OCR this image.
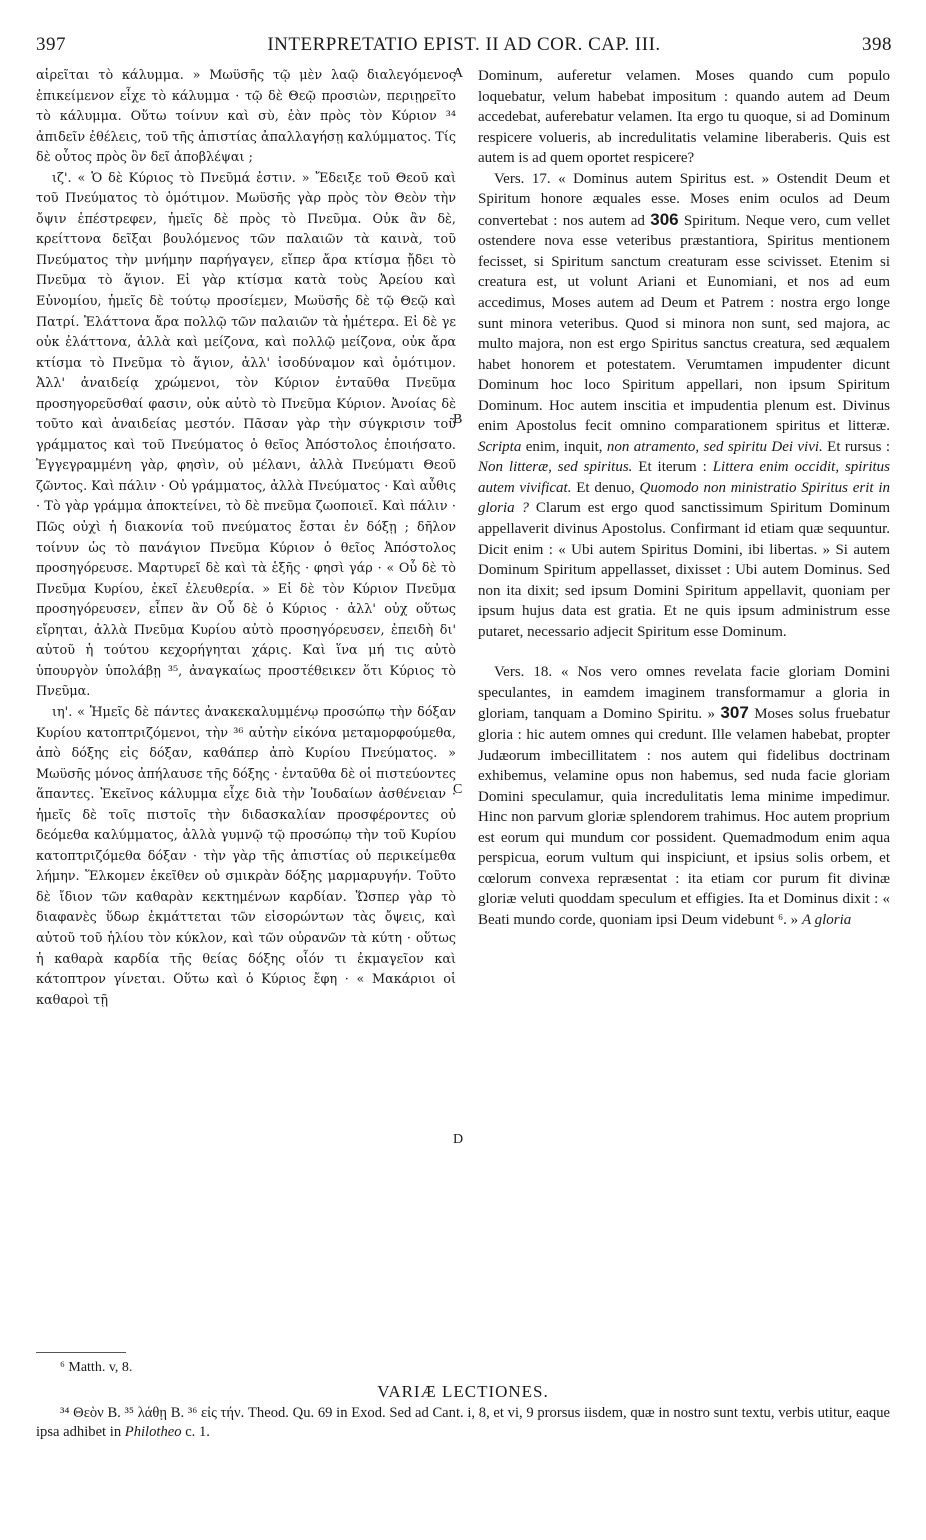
397	INTERPRETATIO EPIST. II AD COR. CAP. III.	398

αἱρεῖται τὸ κάλυμμα. » Μωϋσῆς τῷ μὲν λαῷ διαλεγόμενος ἐπικείμενον εἶχε τὸ κάλυμμα · τῷ δὲ Θεῷ προσιὼν, περιῃρεῖτο τὸ κάλυμμα. Οὕτω τοίνυν καὶ σὺ, ἐὰν πρὸς τὸν Κύριον ³⁴ ἀπιδεῖν ἐθέλεις, τοῦ τῆς ἀπιστίας ἀπαλλαγήσῃ καλύμματος. Τίς δὲ οὗτος πρὸς ὃν δεῖ ἀποβλέψαι ;

ιζ'. « Ὁ δὲ Κύριος τὸ Πνεῦμά ἐστιν. » Ἔδειξε τοῦ Θεοῦ καὶ τοῦ Πνεύματος τὸ ὁμότιμον. Μωϋσῆς γὰρ πρὸς τὸν Θεὸν τὴν ὄψιν ἐπέστρεφεν, ἡμεῖς δὲ πρὸς τὸ Πνεῦμα. Οὐκ ἂν δὲ, κρείττονα δεῖξαι βουλόμενος τῶν παλαιῶν τὰ καινὰ, τοῦ Πνεύματος τὴν μνήμην παρήγαγεν, εἴπερ ἄρα κτίσμα ᾔδει τὸ Πνεῦμα τὸ ἅγιον. Εἰ γὰρ κτίσμα κατὰ τοὺς Ἀρείου καὶ Εὐνομίου, ἡμεῖς δὲ τούτῳ προσίεμεν, Μωϋσῆς δὲ τῷ Θεῷ καὶ Πατρί. Ἐλάττονα ἄρα πολλῷ τῶν παλαιῶν τὰ ἡμέτερα. Εἰ δὲ γε οὐκ ἐλάττονα, ἀλλὰ καὶ μείζονα, καὶ πολλῷ μείζονα, οὐκ ἄρα κτίσμα τὸ Πνεῦμα τὸ ἅγιον, ἀλλ' ἰσοδύναμον καὶ ὁμότιμον. Ἀλλ' ἀναιδείᾳ χρώμενοι, τὸν Κύριον ἐνταῦθα Πνεῦμα προσηγορεῦσθαί φασιν, οὐκ αὐτὸ τὸ Πνεῦμα Κύριον. Ἀνοίας δὲ τοῦτο καὶ ἀναιδείας μεστόν. Πᾶσαν γὰρ τὴν σύγκρισιν τοῦ γράμματος καὶ τοῦ Πνεύματος ὁ θεῖος Ἀπόστολος ἐποιήσατο. Ἐγγεγραμμένη γὰρ, φησὶν, οὐ μέλανι, ἀλλὰ Πνεύματι Θεοῦ ζῶντος. Καὶ πάλιν · Οὐ γράμματος, ἀλλὰ Πνεύματος · Καὶ αὖθις · Τὸ γὰρ γράμμα ἀποκτείνει, τὸ δὲ πνεῦμα ζωοποιεῖ. Καὶ πάλιν · Πῶς οὐχὶ ἡ διακονία τοῦ πνεύματος ἔσται ἐν δόξῃ ; δῆλον τοίνυν ὡς τὸ πανάγιον Πνεῦμα Κύριον ὁ θεῖος Ἀπόστολος προσηγόρευσε. Μαρτυρεῖ δὲ καὶ τὰ ἑξῆς · φησὶ γάρ · « Οὗ δὲ τὸ Πνεῦμα Κυρίου, ἐκεῖ ἐλευθερία. » Εἰ δὲ τὸν Κύριον Πνεῦμα προσηγόρευσεν, εἶπεν ἂν Οὗ δὲ ὁ Κύριος · ἀλλ' οὐχ οὕτως εἴρηται, ἀλλὰ Πνεῦμα Κυρίου αὐτὸ προσηγόρευσεν, ἐπειδὴ δι' αὐτοῦ ἡ τούτου κεχορήγηται χάρις. Καὶ ἵνα μή τις αὐτὸ ὑπουργὸν ὑπολάβῃ ³⁵, ἀναγκαίως προστέθεικεν ὅτι Κύριος τὸ Πνεῦμα.

ιη'. « Ἡμεῖς δὲ πάντες ἀνακεκαλυμμένῳ προσώπῳ τὴν δόξαν Κυρίου κατοπτριζόμενοι, τὴν ³⁶ αὐτὴν εἰκόνα μεταμορφούμεθα, ἀπὸ δόξης εἰς δόξαν, καθάπερ ἀπὸ Κυρίου Πνεύματος. » Μωϋσῆς μόνος ἀπήλαυσε τῆς δόξης · ἐνταῦθα δὲ οἱ πιστεύοντες ἅπαντες. Ἐκεῖνος κάλυμμα εἶχε διὰ τὴν Ἰουδαίων ἀσθένειαν · ἡμεῖς δὲ τοῖς πιστοῖς τὴν διδασκαλίαν προσφέροντες οὐ δεόμεθα καλύμματος, ἀλλὰ γυμνῷ τῷ προσώπῳ τὴν τοῦ Κυρίου κατοπτριζόμεθα δόξαν · τὴν γὰρ τῆς ἀπιστίας οὐ περικείμεθα λήμην. Ἕλκομεν ἐκεῖθεν οὐ σμικρὰν δόξης μαρμαρυγήν. Τοῦτο δὲ ἴδιον τῶν καθαρὰν κεκτημένων καρδίαν. Ὥσπερ γὰρ τὸ διαφανὲς ὕδωρ ἐκμάττεται τῶν εἰσορώντων τὰς ὄψεις, καὶ αὐτοῦ τοῦ ἡλίου τὸν κύκλον, καὶ τῶν οὐρανῶν τὰ κύτη · οὕτως ἡ καθαρὰ καρδία τῆς θείας δόξης οἷόν τι ἐκμαγεῖον καὶ κάτοπτρον γίνεται. Οὕτω καὶ ὁ Κύριος ἔφη · « Μακάριοι οἱ καθαροὶ τῇ

Dominum, auferetur velamen. Moses quando cum populo loquebatur, velum habebat impositum : quando autem ad Deum accedebat, auferebatur velamen. Ita ergo tu quoque, si ad Dominum respicere volueris, ab incredulitatis velamine liberaberis. Quis est autem is ad quem oportet respicere?

Vers. 17. « Dominus autem Spiritus est. » Ostendit Deum et Spiritum honore æquales esse. Moses enim oculos ad Deum convertebat : nos autem ad 306 Spiritum. Neque vero, cum vellet ostendere nova esse veteribus præstantiora, Spiritus mentionem fecisset, si Spiritum sanctum creaturam esse scivisset. Etenim si creatura est, ut volunt Ariani et Eunomiani, et nos ad eum accedimus, Moses autem ad Deum et Patrem : nostra ergo longe sunt minora veteribus. Quod si minora non sunt, sed majora, ac multo majora, non est ergo Spiritus sanctus creatura, sed æqualem habet honorem et potestatem. Verumtamen impudenter dicunt Dominum hoc loco Spiritum appellari, non ipsum Spiritum Dominum. Hoc autem inscitia et impudentia plenum est. Divinus enim Apostolus fecit omnino comparationem spiritus et litteræ. Scripta enim, inquit, non atramento, sed spiritu Dei vivi. Et rursus : Non litteræ, sed spiritus. Et iterum : Littera enim occidit, spiritus autem vivificat. Et denuo, Quomodo non ministratio Spiritus erit in gloria ? Clarum est ergo quod sanctissimum Spiritum Dominum appellaverit divinus Apostolus. Confirmant id etiam quæ sequuntur. Dicit enim : « Ubi autem Spiritus Domini, ibi libertas. » Si autem Dominum Spiritum appellasset, dixisset : Ubi autem Dominus. Sed non ita dixit; sed ipsum Domini Spiritum appellavit, quoniam per ipsum hujus data est gratia. Et ne quis ipsum administrum esse putaret, necessario adjecit Spiritum esse Dominum.

Vers. 18. « Nos vero omnes revelata facie gloriam Domini speculantes, in eamdem imaginem transformamur a gloria in gloriam, tanquam a Domino Spiritu. » 307 Moses solus fruebatur gloria : hic autem omnes qui credunt. Ille velamen habebat, propter Judæorum imbecillitatem : nos autem qui fidelibus doctrinam exhibemus, velamine opus non habemus, sed nuda facie gloriam Domini speculamur, quia incredulitatis lema minime impedimur. Hinc non parvum gloriæ splendorem trahimus. Hoc autem proprium est eorum qui mundum cor possident. Quemadmodum enim aqua perspicua, eorum vultum qui inspiciunt, et ipsius solis orbem, et cœlorum convexa repræsentat : ita etiam cor purum fit divinæ gloriæ veluti quoddam speculum et effigies. Ita et Dominus dixit : « Beati mundo corde, quoniam ipsi Deum videbunt ⁶. » A gloria

A
B
C
D
⁶ Matth. v, 8.
VARIÆ LECTIONES.
³⁴ Θεὸν B. ³⁵ λάθῃ B. ³⁶ εἰς τήν. Theod. Qu. 69 in Exod. Sed ad Cant. i, 8, et vi, 9 prorsus iisdem, quæ in nostro sunt textu, verbis utitur, eaque ipsa adhibet in Philotheo c. 1.
